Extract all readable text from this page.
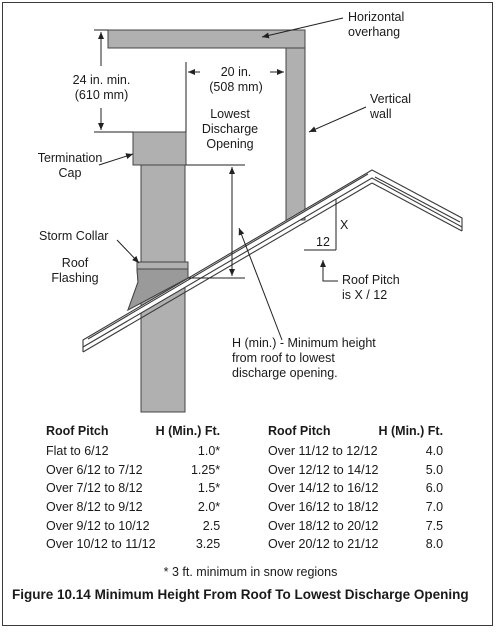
Horizontal
overhang
Vertical
wall
24 in. min.
(610 mm)
20 in.
(508 mm)
Lowest
Discharge
Opening
Termination
Cap
Storm Collar
Roof
Flashing
X
12
Roof Pitch
is X / 12
H (min.) - Minimum height
from roof to lowest
discharge opening.
Roof Pitch	H (Min.) Ft.
Flat to 6/12	1.0*
Over 6/12 to 7/12	1.25*
Over 7/12 to 8/12	1.5*
Over 8/12 to 9/12	2.0*
Over 9/12 to 10/12	2.5
Over 10/12 to 11/12	3.25
Roof Pitch	H (Min.) Ft.
Over 11/12 to 12/12	4.0
Over 12/12 to 14/12	5.0
Over 14/12 to 16/12	6.0
Over 16/12 to 18/12	7.0
Over 18/12 to 20/12	7.5
Over 20/12 to 21/12	8.0
* 3 ft. minimum in snow regions
Figure 10.14 Minimum Height From Roof To Lowest Discharge Opening
